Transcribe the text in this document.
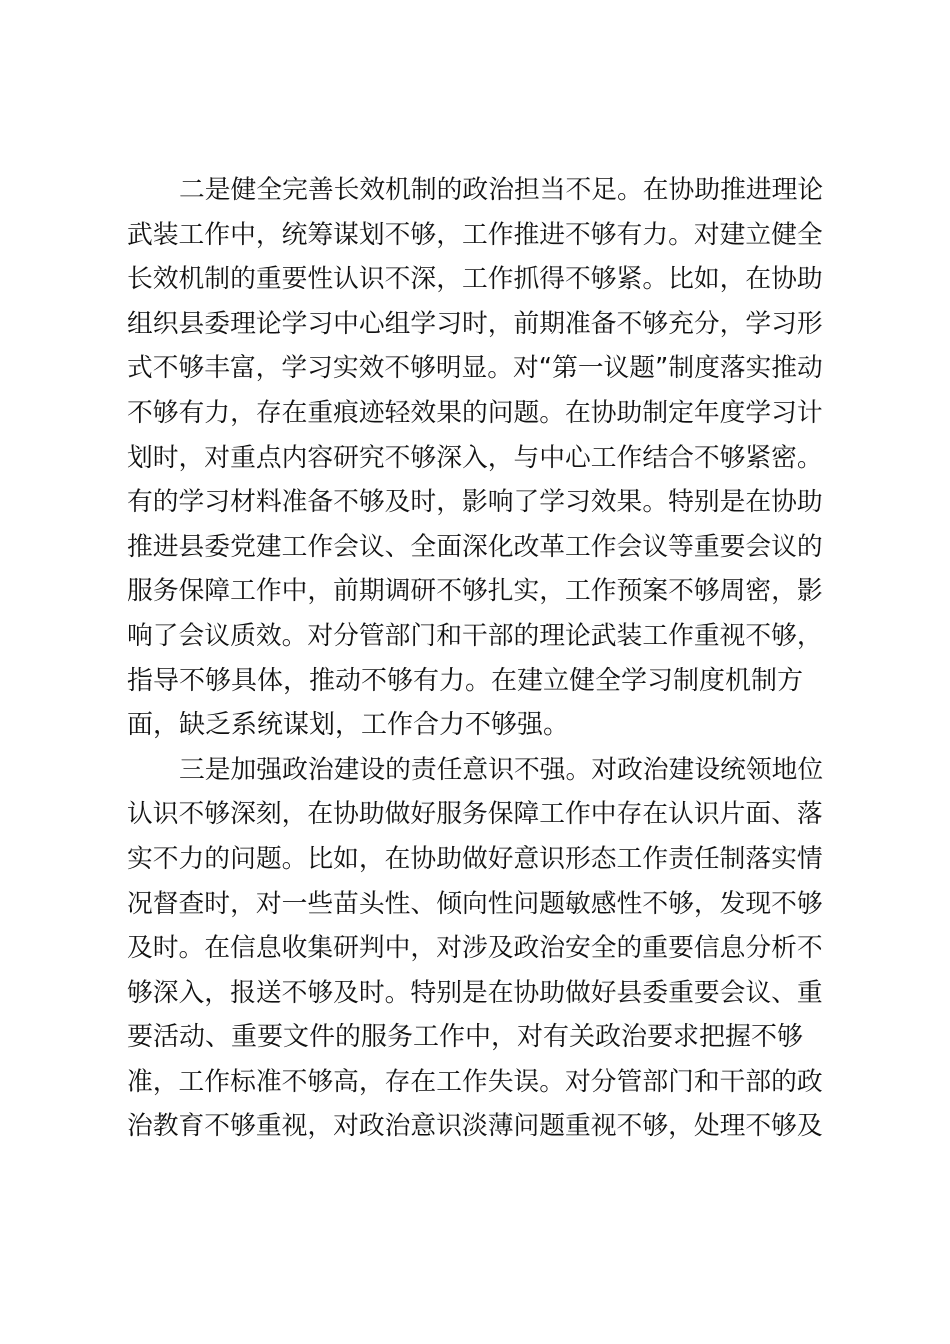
二是健全完善长效机制的政治担当不足。在协助推进理论
武装工作中，统筹谋划不够，工作推进不够有力。对建立健全
长效机制的重要性认识不深，工作抓得不够紧。比如，在协助
组织县委理论学习中心组学习时，前期准备不够充分，学习形
式不够丰富，学习实效不够明显。对“第一议题”制度落实推动
不够有力，存在重痕迹轻效果的问题。在协助制定年度学习计
划时，对重点内容研究不够深入，与中心工作结合不够紧密。
有的学习材料准备不够及时，影响了学习效果。特别是在协助
推进县委党建工作会议、全面深化改革工作会议等重要会议的
服务保障工作中，前期调研不够扎实，工作预案不够周密，影
响了会议质效。对分管部门和干部的理论武装工作重视不够，
指导不够具体，推动不够有力。在建立健全学习制度机制方
面，缺乏系统谋划，工作合力不够强。
三是加强政治建设的责任意识不强。对政治建设统领地位
认识不够深刻，在协助做好服务保障工作中存在认识片面、落
实不力的问题。比如，在协助做好意识形态工作责任制落实情
况督查时，对一些苗头性、倾向性问题敏感性不够，发现不够
及时。在信息收集研判中，对涉及政治安全的重要信息分析不
够深入，报送不够及时。特别是在协助做好县委重要会议、重
要活动、重要文件的服务工作中，对有关政治要求把握不够
准，工作标准不够高，存在工作失误。对分管部门和干部的政
治教育不够重视，对政治意识淡薄问题重视不够，处理不够及
